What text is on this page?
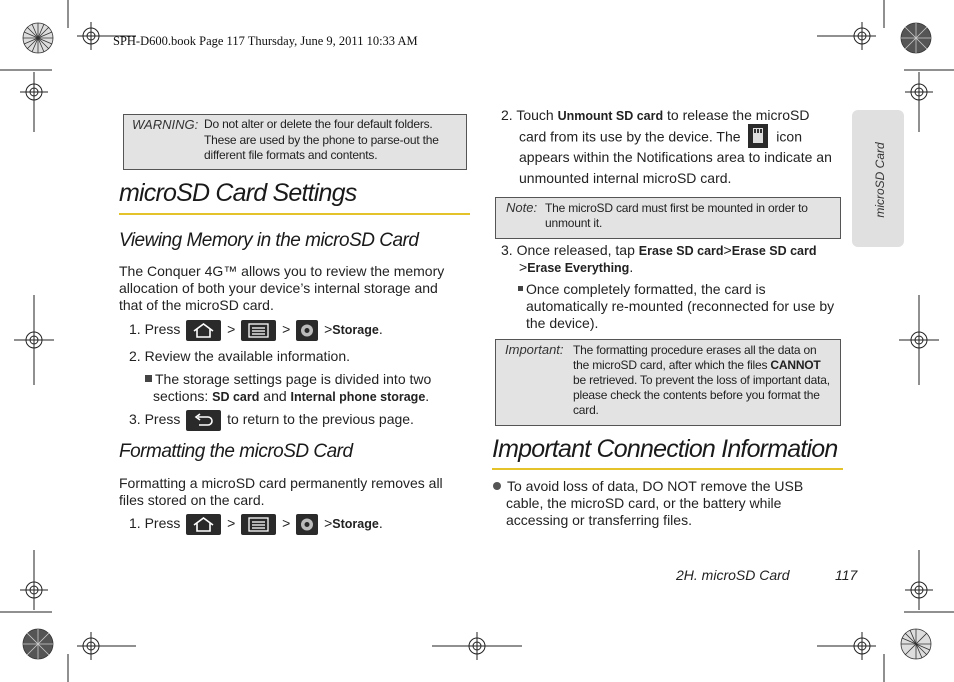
SPH-D600.book Page 117 Thursday, June 9, 2011 10:33 AM
microSD Card
WARNING: Do not alter or delete the four default folders.
These are used by the phone to parse-out the
different file formats and contents.
microSD Card Settings
Viewing Memory in the microSD Card
The Conquer 4G™ allows you to review the memory
allocation of both your device’s internal storage and
that of the microSD card.
1. Press	>	> >Storage.
2. Review the available information.
The storage settings page is divided into two
sections: SD card and Internal phone storage.
3. Press	to return to the previous page.
Formatting the microSD Card
Formatting a microSD card permanently removes all
files stored on the card.
1. Press	>	> >Storage.
2. Touch Unmount SD card to release the microSD
card from its use by the device. The	icon
appears within the Notifications area to indicate an
unmounted internal microSD card.
Note: The microSD card must first be mounted in order to
unmount it.
3. Once released, tap Erase SD card>Erase SD card
>Erase Everything.
Once completely formatted, the card is
automatically re-mounted (reconnected for use by
the device).
Important: The formatting procedure erases all the data on
the microSD card, after which the files CANNOT
be retrieved. To prevent the loss of important data,
please check the contents before you format the
card.
Important Connection Information
To avoid loss of data, DO NOT remove the USB
cable, the microSD card, or the battery while
accessing or transferring files.
2H. microSD Card	117
